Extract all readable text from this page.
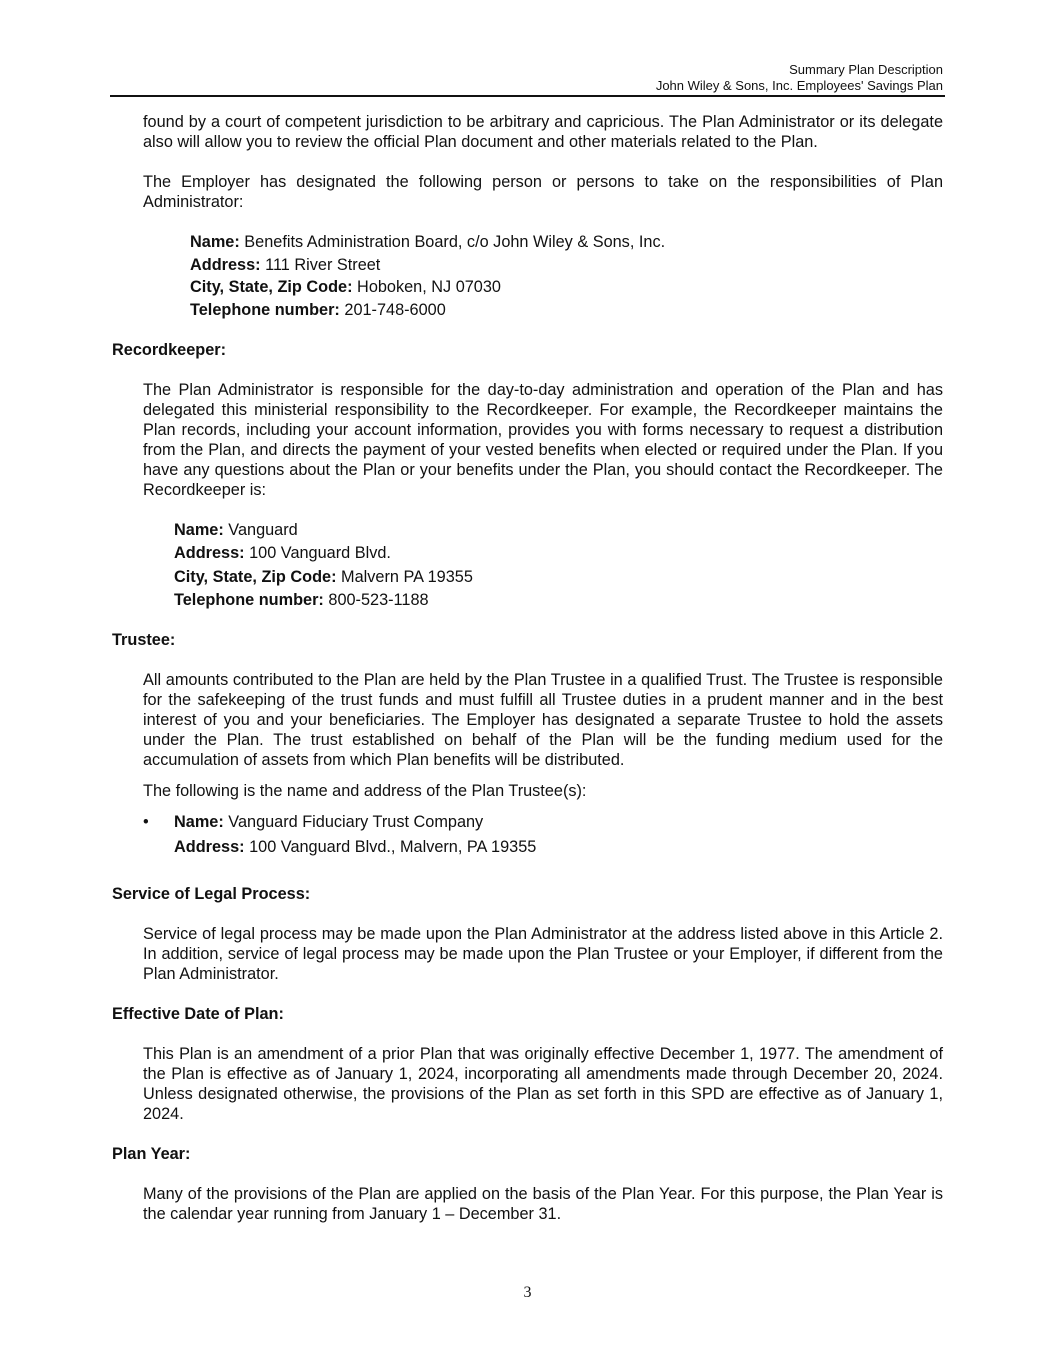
Summary Plan Description
John Wiley & Sons, Inc. Employees' Savings Plan

found by a court of competent jurisdiction to be arbitrary and capricious. The Plan Administrator or its delegate also will allow you to review the official Plan document and other materials related to the Plan.

The Employer has designated the following person or persons to take on the responsibilities of Plan Administrator:

Name: Benefits Administration Board, c/o John Wiley & Sons, Inc.
Address: 111 River Street
City, State, Zip Code: Hoboken, NJ 07030
Telephone number: 201-748-6000
Recordkeeper:

The Plan Administrator is responsible for the day-to-day administration and operation of the Plan and has delegated this ministerial responsibility to the Recordkeeper. For example, the Recordkeeper maintains the Plan records, including your account information, provides you with forms necessary to request a distribution from the Plan, and directs the payment of your vested benefits when elected or required under the Plan. If you have any questions about the Plan or your benefits under the Plan, you should contact the Recordkeeper. The Recordkeeper is:

Name: Vanguard
Address: 100 Vanguard Blvd.
City, State, Zip Code: Malvern PA 19355
Telephone number: 800-523-1188
Trustee:

All amounts contributed to the Plan are held by the Plan Trustee in a qualified Trust. The Trustee is responsible for the safekeeping of the trust funds and must fulfill all Trustee duties in a prudent manner and in the best interest of you and your beneficiaries. The Employer has designated a separate Trustee to hold the assets under the Plan. The trust established on behalf of the Plan will be the funding medium used for the accumulation of assets from which Plan benefits will be distributed.

The following is the name and address of the Plan Trustee(s):

• Name: Vanguard Fiduciary Trust Company
Address: 100 Vanguard Blvd., Malvern, PA 19355
Service of Legal Process:

Service of legal process may be made upon the Plan Administrator at the address listed above in this Article 2. In addition, service of legal process may be made upon the Plan Trustee or your Employer, if different from the Plan Administrator.

Effective Date of Plan:

This Plan is an amendment of a prior Plan that was originally effective December 1, 1977. The amendment of the Plan is effective as of January 1, 2024, incorporating all amendments made through December 20, 2024. Unless designated otherwise, the provisions of the Plan as set forth in this SPD are effective as of January 1, 2024.

Plan Year:

Many of the provisions of the Plan are applied on the basis of the Plan Year. For this purpose, the Plan Year is the calendar year running from January 1 – December 31.

3
